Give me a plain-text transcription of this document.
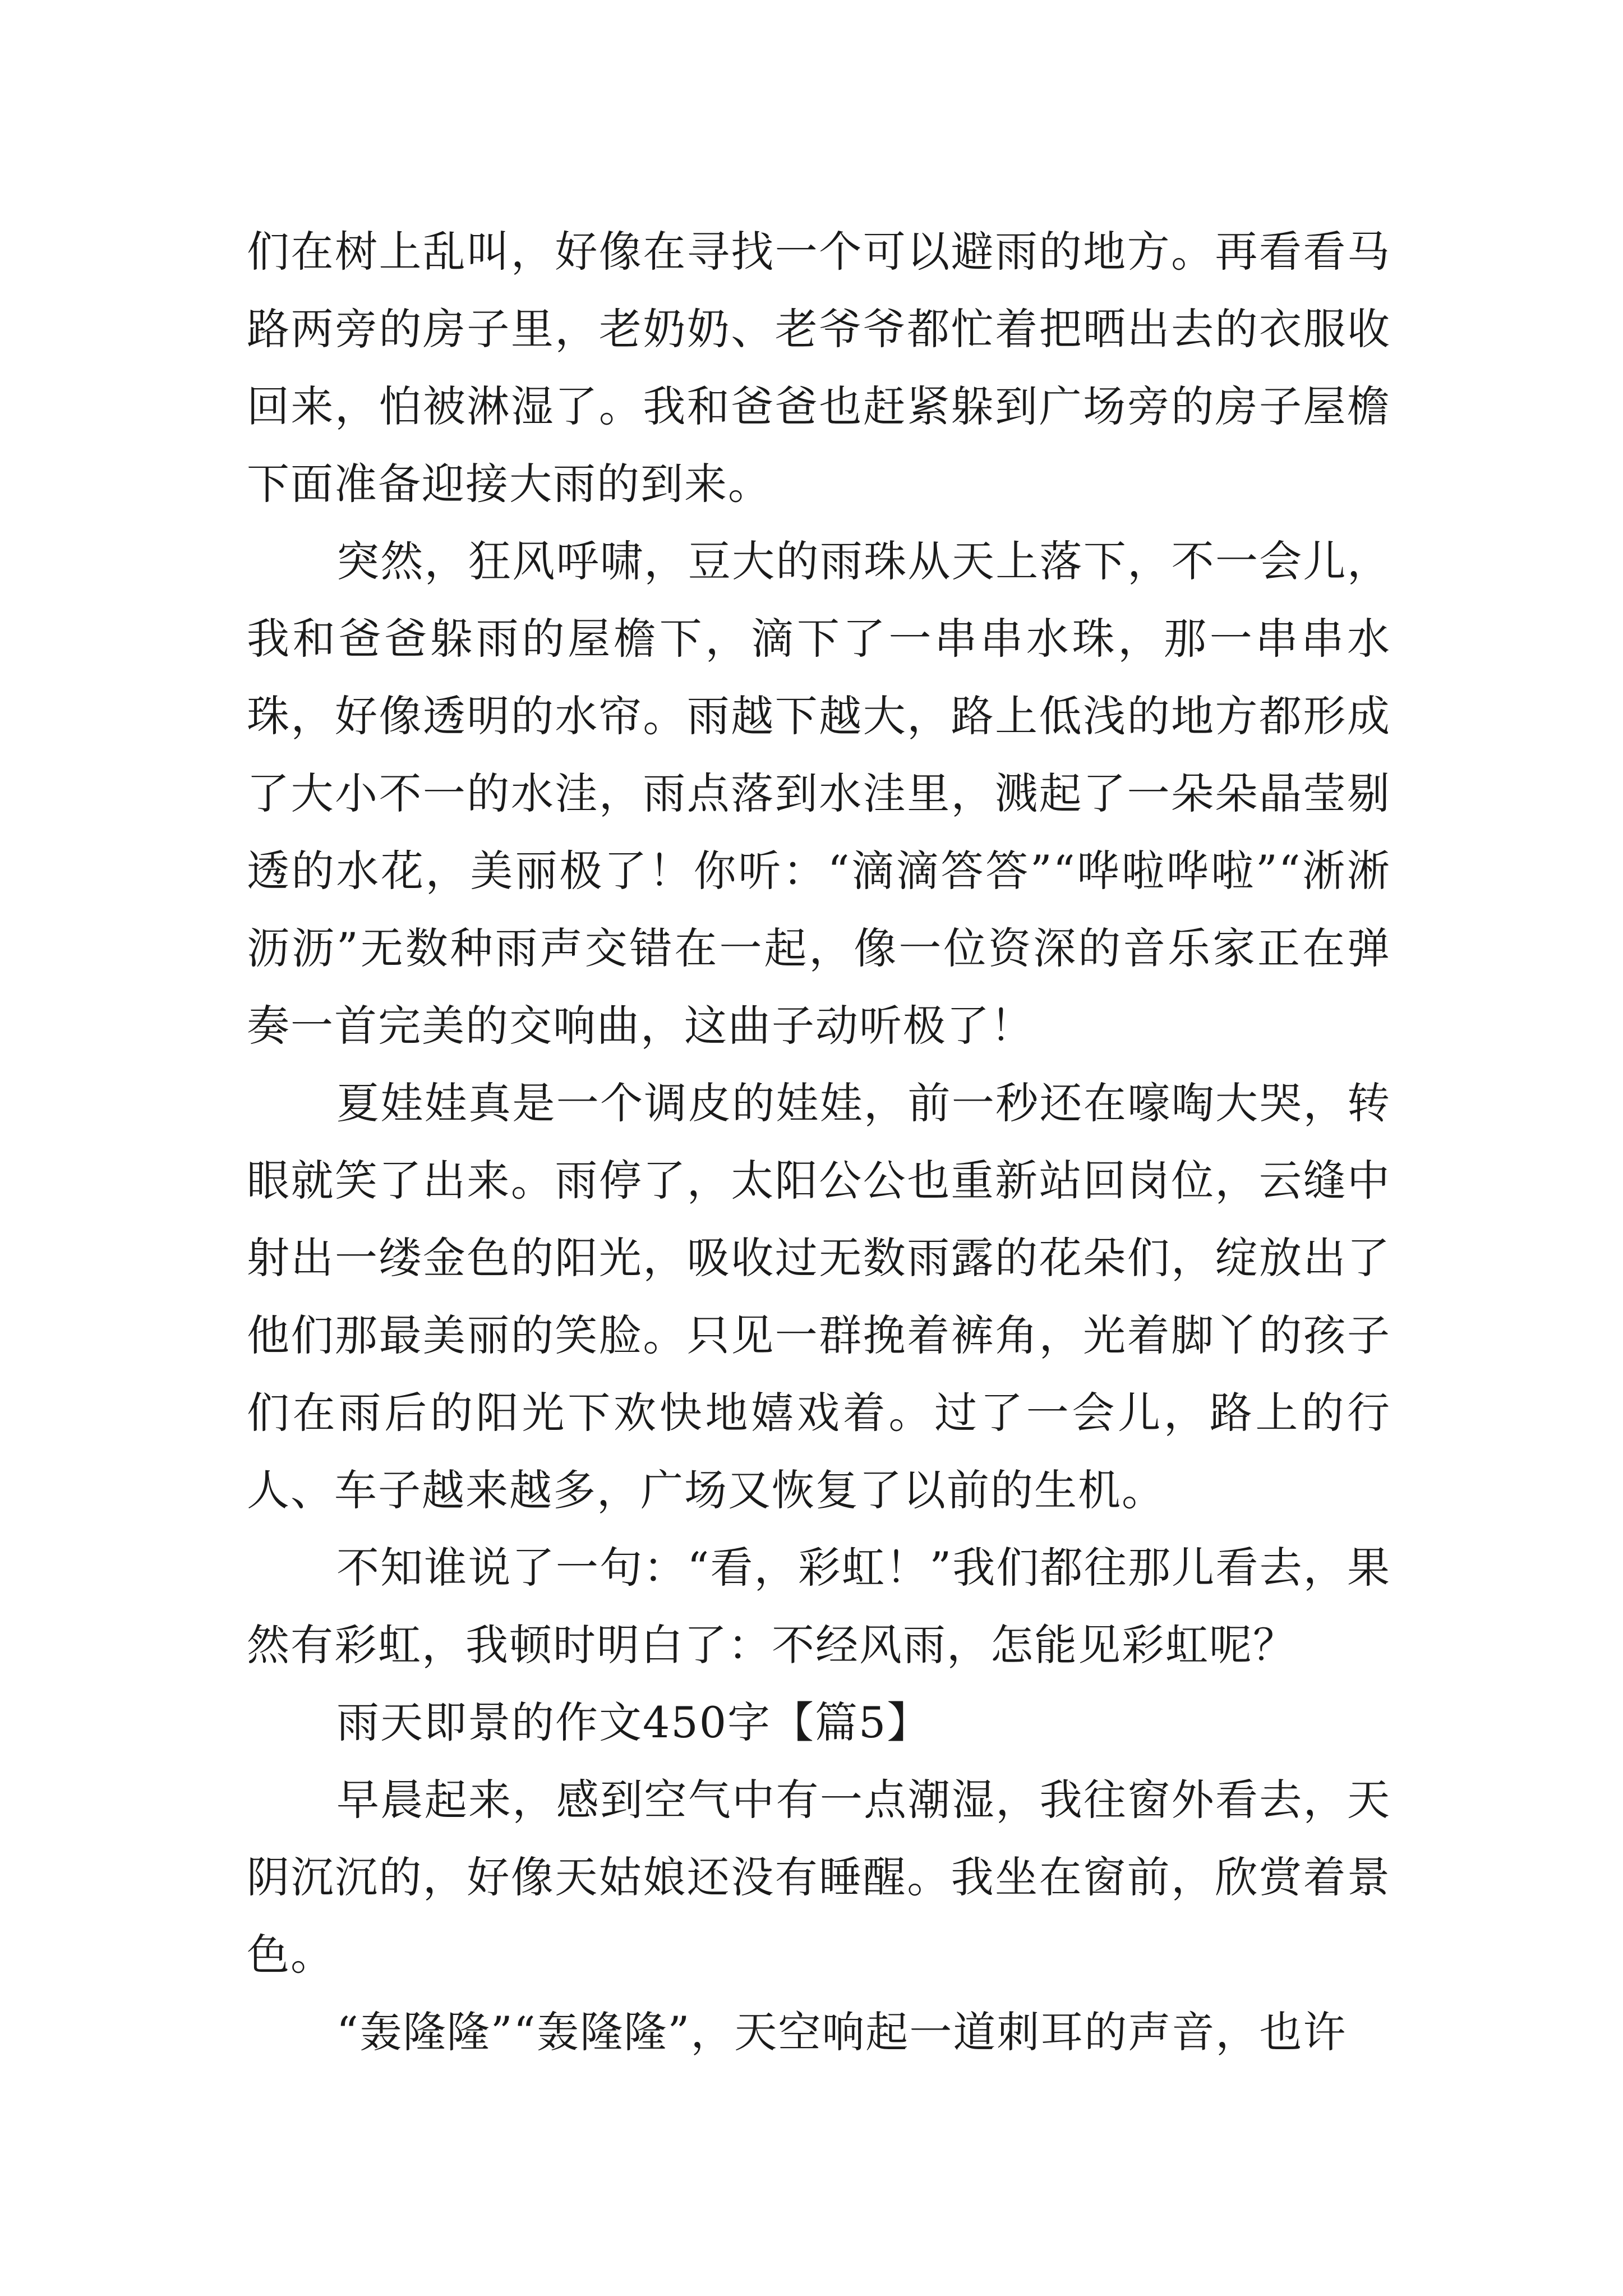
们在树上乱叫，好像在寻找一个可以避雨的地方。再看看马路两旁的房子里，老奶奶、老爷爷都忙着把晒出去的衣服收回来，怕被淋湿了。我和爸爸也赶紧躲到广场旁的房子屋檐下面准备迎接大雨的到来。

突然，狂风呼啸，豆大的雨珠从天上落下，不一会儿，我和爸爸躲雨的屋檐下，滴下了一串串水珠，那一串串水珠，好像透明的水帘。雨越下越大，路上低浅的地方都形成了大小不一的水洼，雨点落到水洼里，溅起了一朵朵晶莹剔透的水花，美丽极了！你听：“滴滴答答”“哗啦哗啦”“淅淅沥沥”无数种雨声交错在一起，像一位资深的音乐家正在弹奏一首完美的交响曲，这曲子动听极了！

夏娃娃真是一个调皮的娃娃，前一秒还在嚎啕大哭，转眼就笑了出来。雨停了，太阳公公也重新站回岗位，云缝中射出一缕金色的阳光，吸收过无数雨露的花朵们，绽放出了他们那最美丽的笑脸。只见一群挽着裤角，光着脚丫的孩子们在雨后的阳光下欢快地嬉戏着。过了一会儿，路上的行人、车子越来越多，广场又恢复了以前的生机。

不知谁说了一句：“看，彩虹！”我们都往那儿看去，果然有彩虹，我顿时明白了：不经风雨，怎能见彩虹呢？

雨天即景的作文450字【篇5】

早晨起来，感到空气中有一点潮湿，我往窗外看去，天阴沉沉的，好像天姑娘还没有睡醒。我坐在窗前，欣赏着景色。

“轰隆隆”“轰隆隆”，天空响起一道刺耳的声音，也许
